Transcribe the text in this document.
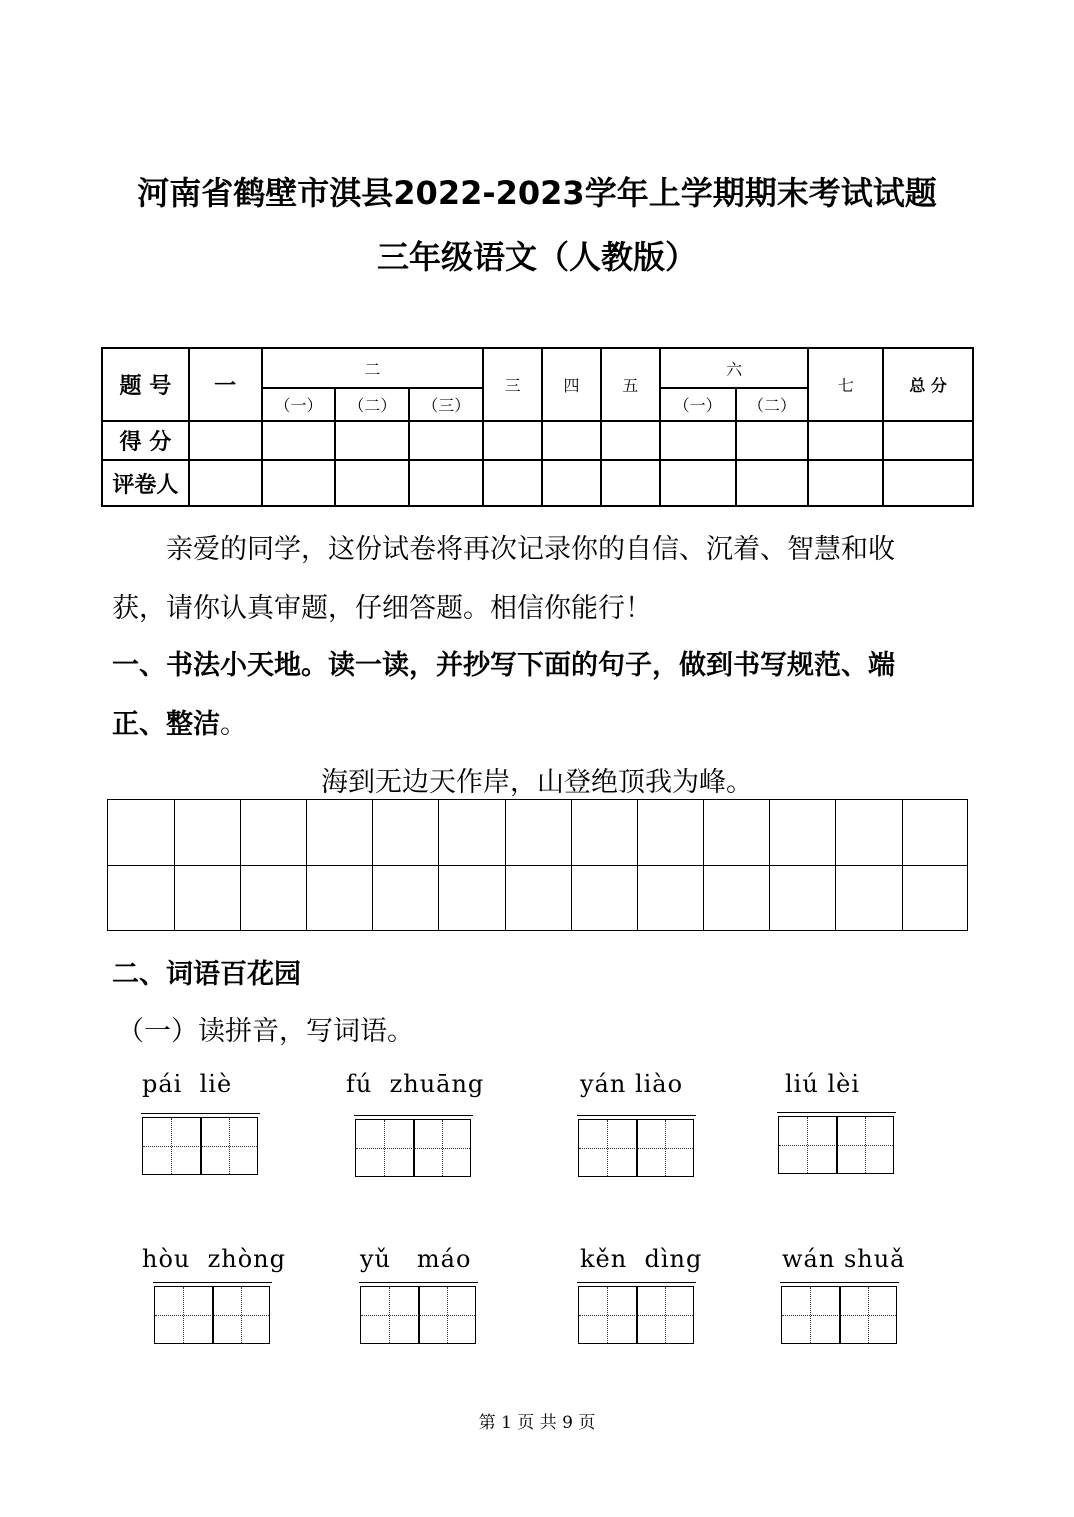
河南省鹤壁市淇县2022-2023学年上学期期末考试试题
三年级语文（人教版）
题 号	一	二			三	四	五	六		七	总 分
		（一）	（二）	（三）				（一）	（二）		
得 分											
评卷人											
亲爱的同学，这份试卷将再次记录你的自信、沉着、智慧和收
获，请你认真审题，仔细答题。相信你能行！
一、书法小天地。读一读，并抄写下面的句子，做到书写规范、端
正、整洁。
海到无边天作岸，山登绝顶我为峰。
二、词语百花园
（一）读拼音，写词语。
pái  liè	fú  zhuāng	yán liào	liú lèi
hòu  zhòng	yǔ   máo	kěn  dìng	wán shuǎ
第 1 页 共 9 页
